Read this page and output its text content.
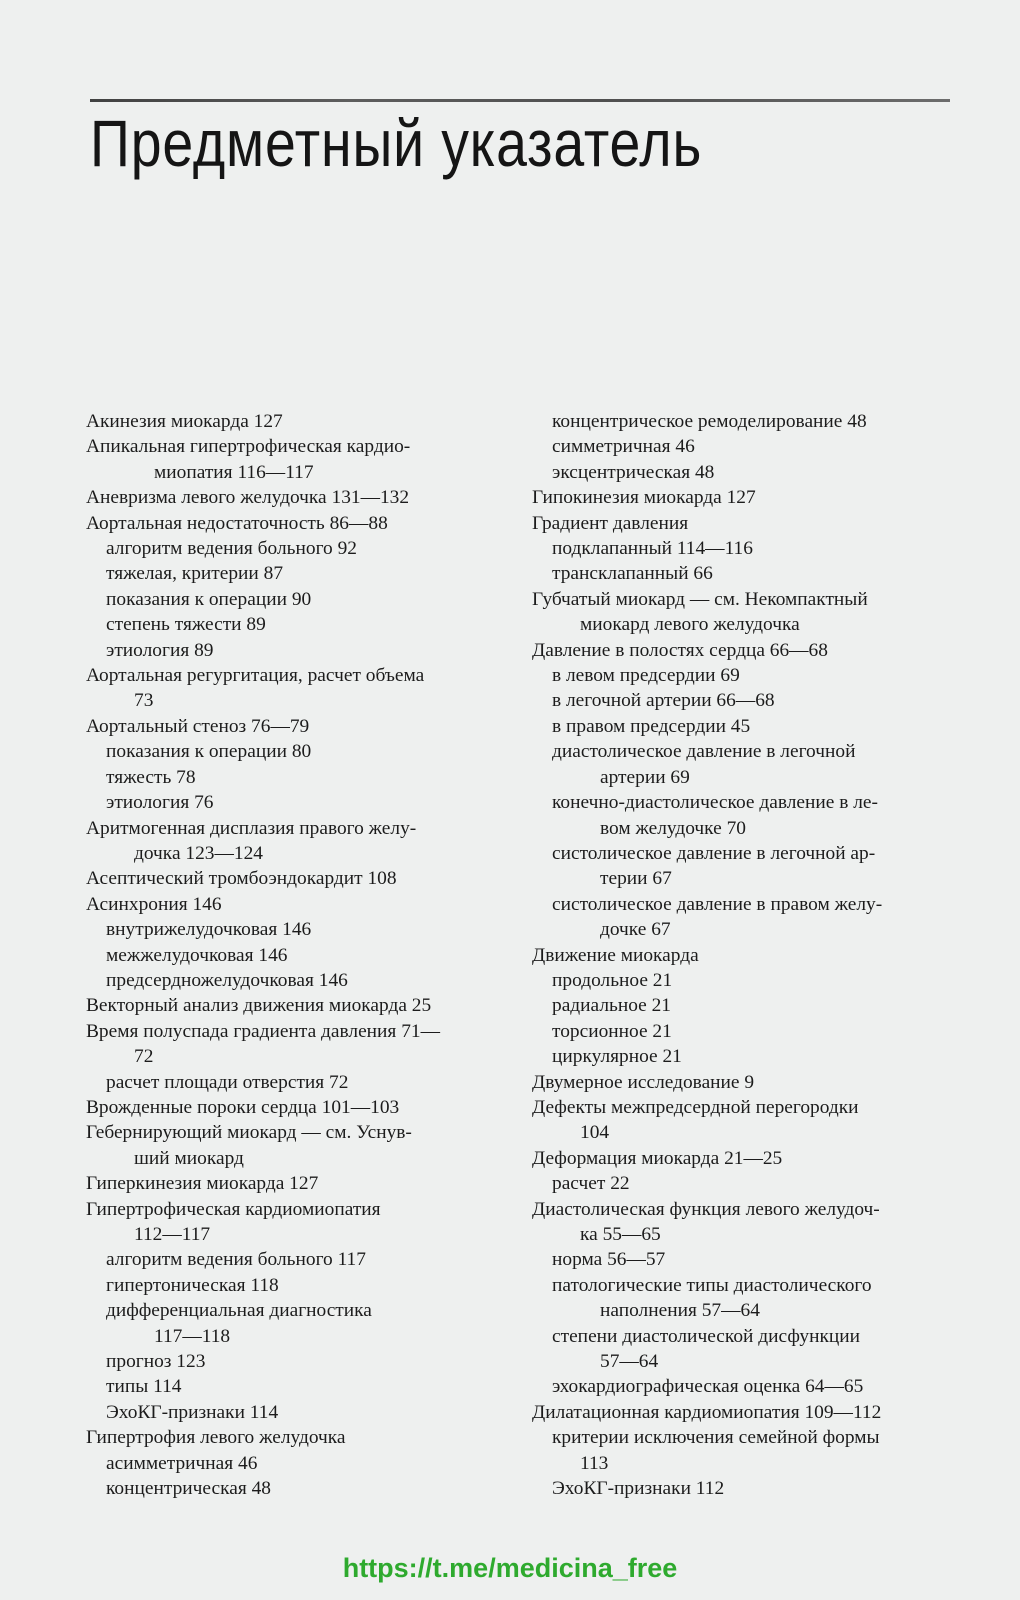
Предметный указатель
Акинезия миокарда 127
Апикальная гипертрофическая кардио-
миопатия 116—117
Аневризма левого желудочка 131—132
Аортальная недостаточность 86—88
алгоритм ведения больного 92
тяжелая, критерии 87
показания к операции 90
степень тяжести 89
этиология 89
Аортальная регургитация, расчет объема
73
Аортальный стеноз 76—79
показания к операции 80
тяжесть 78
этиология 76
Аритмогенная дисплазия правого желу-
дочка 123—124
Асептический тромбоэндокардит 108
Асинхрония 146
внутрижелудочковая 146
межжелудочковая 146
предсердножелудочковая 146
Векторный анализ движения миокарда 25
Время полуспада градиента давления 71—
72
расчет площади отверстия 72
Врожденные пороки сердца 101—103
Гебернирующий миокард — см. Уснув-
ший миокард
Гиперкинезия миокарда 127
Гипертрофическая кардиомиопатия
112—117
алгоритм ведения больного 117
гипертоническая 118
дифференциальная диагностика
117—118
прогноз 123
типы 114
ЭхоКГ-признаки 114
Гипертрофия левого желудочка
асимметричная 46
концентрическая 48
концентрическое ремоделирование 48
симметричная 46
эксцентрическая 48
Гипокинезия миокарда 127
Градиент давления
подклапанный 114—116
трансклапанный 66
Губчатый миокард — см. Некомпактный
миокард левого желудочка
Давление в полостях сердца 66—68
в левом предсердии 69
в легочной артерии 66—68
в правом предсердии 45
диастолическое давление в легочной
артерии 69
конечно-диастолическое давление в ле-
вом желудочке 70
систолическое давление в легочной ар-
терии 67
систолическое давление в правом желу-
дочке 67
Движение миокарда
продольное 21
радиальное 21
торсионное 21
циркулярное 21
Двумерное исследование 9
Дефекты межпредсердной перегородки
104
Деформация миокарда 21—25
расчет 22
Диастолическая функция левого желудоч-
ка 55—65
норма 56—57
патологические типы диастолического
наполнения 57—64
степени диастолической дисфункции
57—64
эхокардиографическая оценка 64—65
Дилатационная кардиомиопатия 109—112
критерии исключения семейной формы
113
ЭхоКГ-признаки 112
https://t.me/medicina_free
